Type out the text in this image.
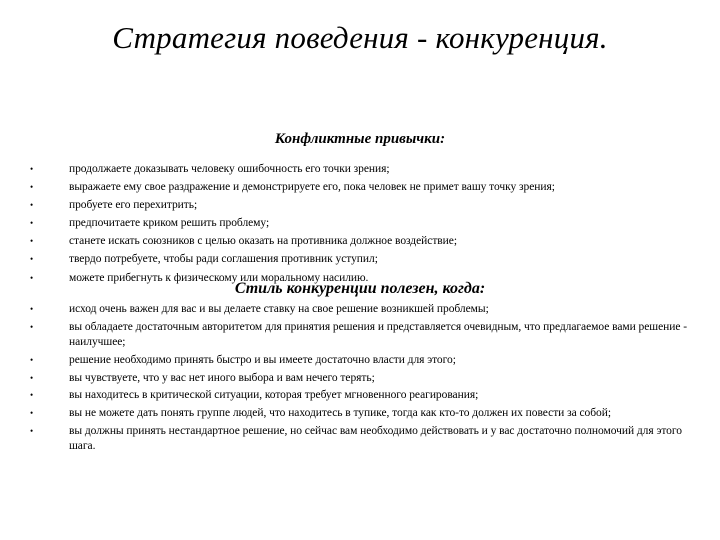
Стратегия поведения - конкуренция.
Конфликтные привычки:
•	продолжаете доказывать человеку ошибочность его точки зрения;
•	выражаете ему свое раздражение и демонстрируете его, пока человек не примет вашу точку зрения;
•	пробуете его перехитрить;
•	предпочитаете криком решить проблему;
•	станете искать союзников с целью оказать на противника должное воздействие;
•	твердо потребуете, чтобы ради соглашения противник уступил;
•	можете прибегнуть к физическому или моральному насилию.
Стиль конкуренции полезен, когда:
•	исход очень важен для вас и вы делаете ставку на свое решение возникшей проблемы;
•	вы обладаете достаточным авторитетом для принятия решения и представляется очевидным, что предлагаемое вами решение - наилучшее;
•	решение необходимо принять быстро и вы имеете достаточно власти для этого;
•	вы чувствуете, что у вас нет иного выбора и вам нечего терять;
•	вы находитесь в критической ситуации, которая требует мгновенного реагирования;
•	вы не можете дать понять группе людей, что находитесь в тупике, тогда как кто-то должен их повести за собой;
•	вы должны принять нестандартное решение, но сейчас вам необходимо действовать и у вас достаточно полномочий для этого шага.
